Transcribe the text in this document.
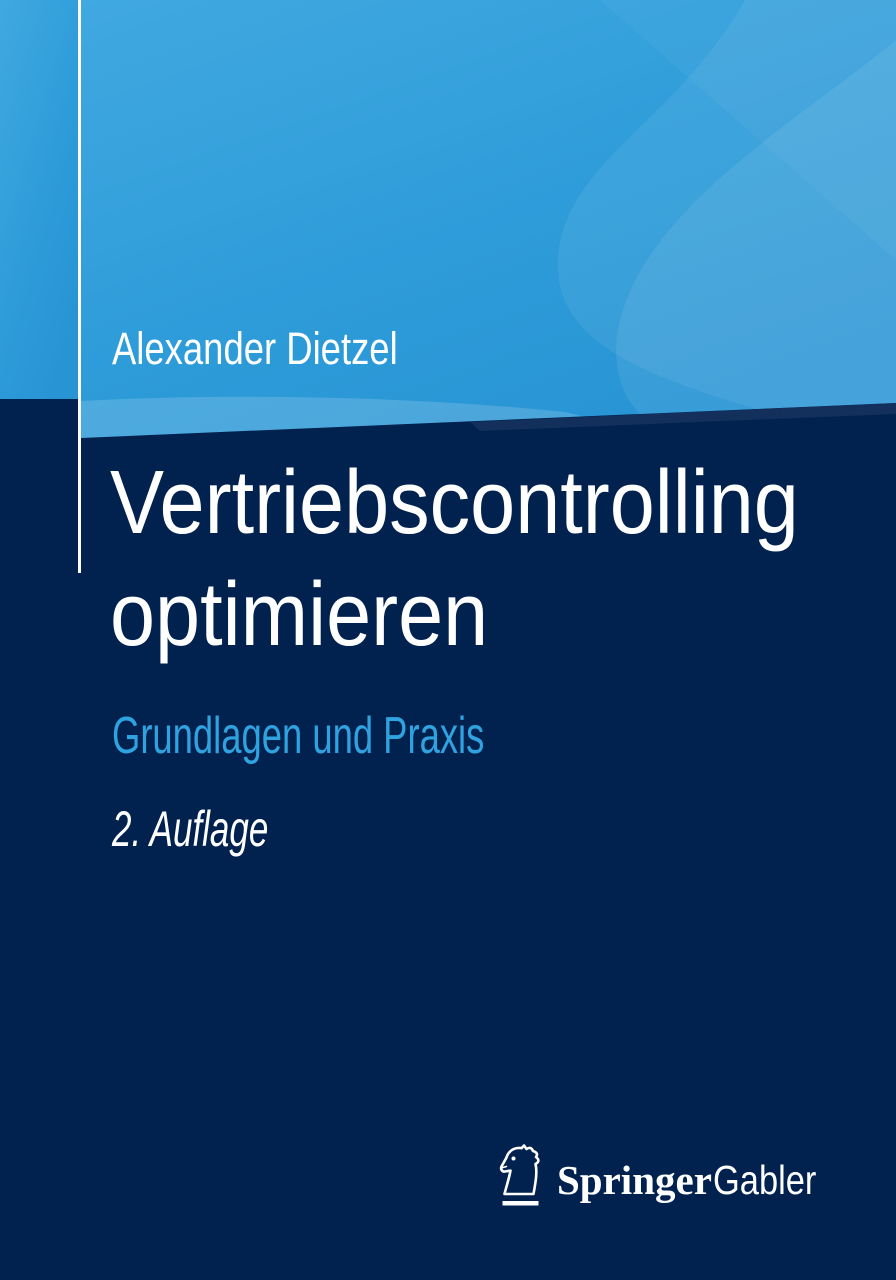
Alexander Dietzel
Vertriebscontrolling
optimieren
Grundlagen und Praxis
2. Auflage
Springer Gabler
